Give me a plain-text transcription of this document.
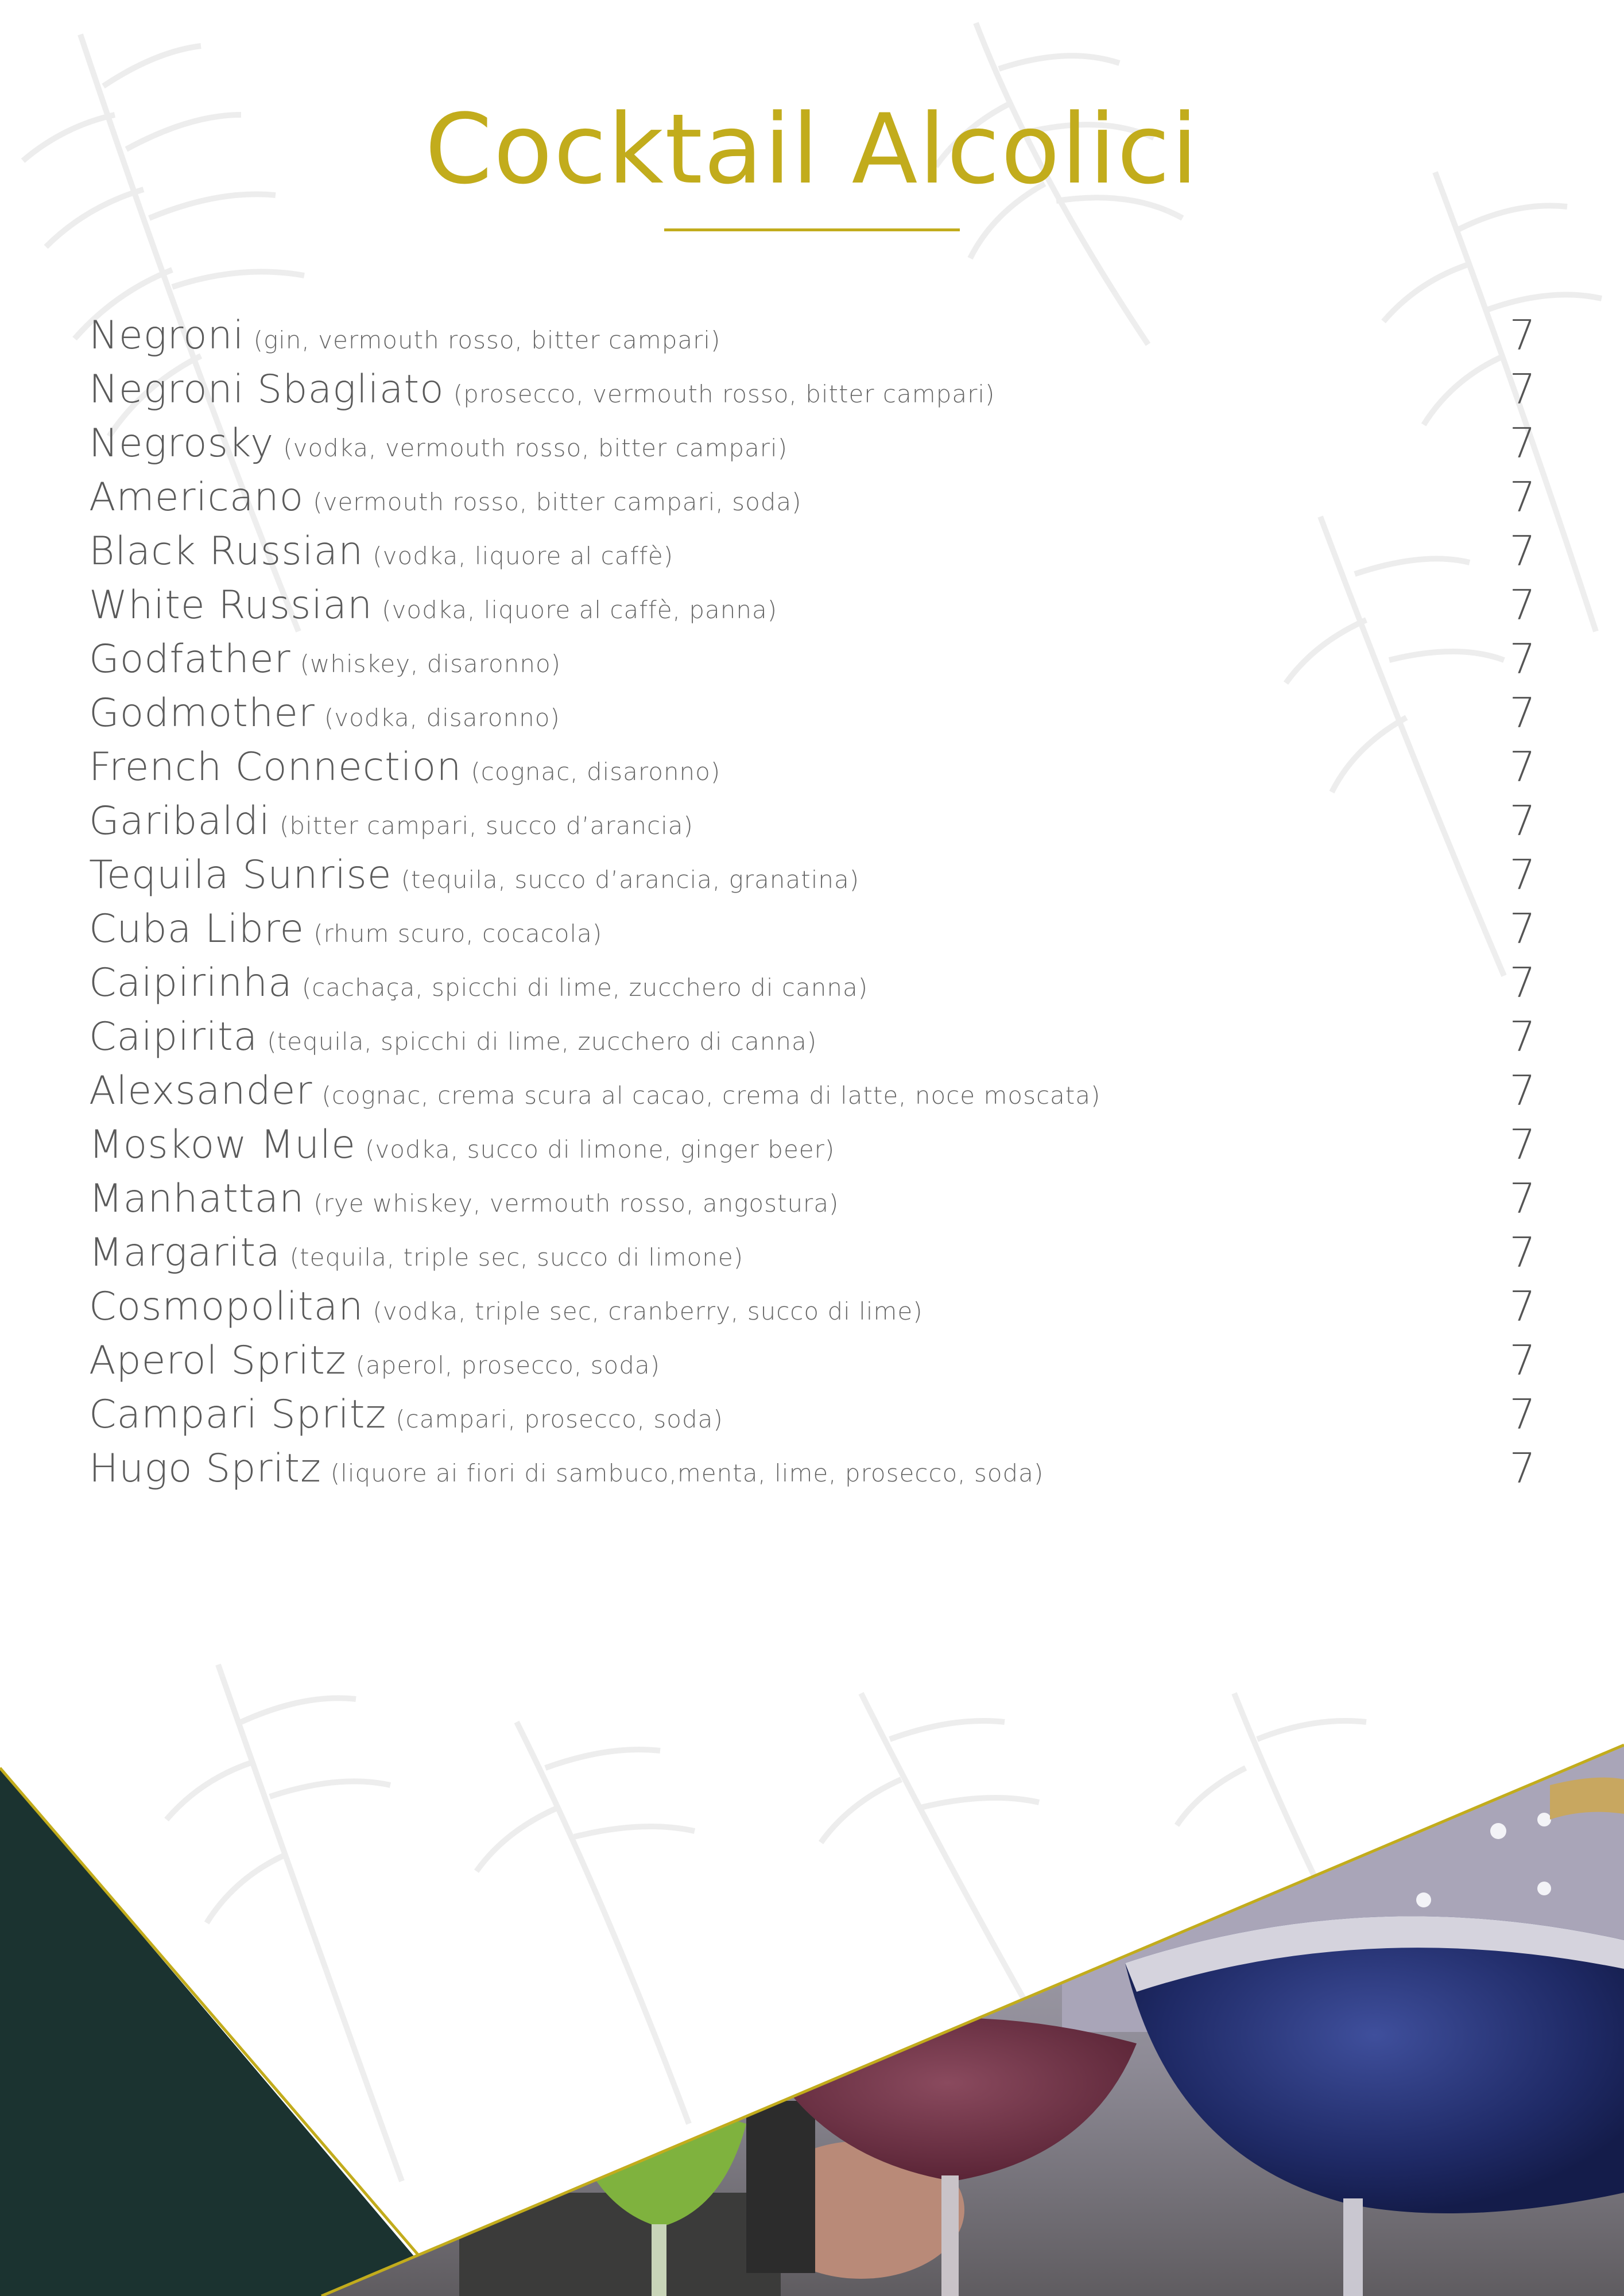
Cocktail Alcolici
Negroni (gin, vermouth rosso, bitter campari)	7
Negroni Sbagliato (prosecco, vermouth rosso, bitter campari)	7
Negrosky (vodka, vermouth rosso, bitter campari)	7
Americano (vermouth rosso, bitter campari, soda)	7
Black Russian (vodka, liquore al caffè)	7
White Russian (vodka, liquore al caffè, panna)	7
Godfather (whiskey, disaronno)	7
Godmother (vodka, disaronno)	7
French Connection (cognac, disaronno)	7
Garibaldi (bitter campari, succo d’arancia)	7
Tequila Sunrise (tequila, succo d’arancia, granatina)	7
Cuba Libre (rhum scuro, cocacola)	7
Caipirinha (cachaça, spicchi di lime, zucchero di canna)	7
Caipirita (tequila, spicchi di lime, zucchero di canna)	7
Alexsander (cognac, crema scura al cacao, crema di latte, noce moscata)	7
Moskow Mule (vodka, succo di limone, ginger beer)	7
Manhattan (rye whiskey, vermouth rosso, angostura)	7
Margarita (tequila, triple sec, succo di limone)	7
Cosmopolitan (vodka, triple sec, cranberry, succo di lime)	7
Aperol Spritz (aperol, prosecco, soda)	7
Campari Spritz (campari, prosecco, soda)	7
Hugo Spritz (liquore ai fiori di sambuco,menta, lime, prosecco, soda)	7
